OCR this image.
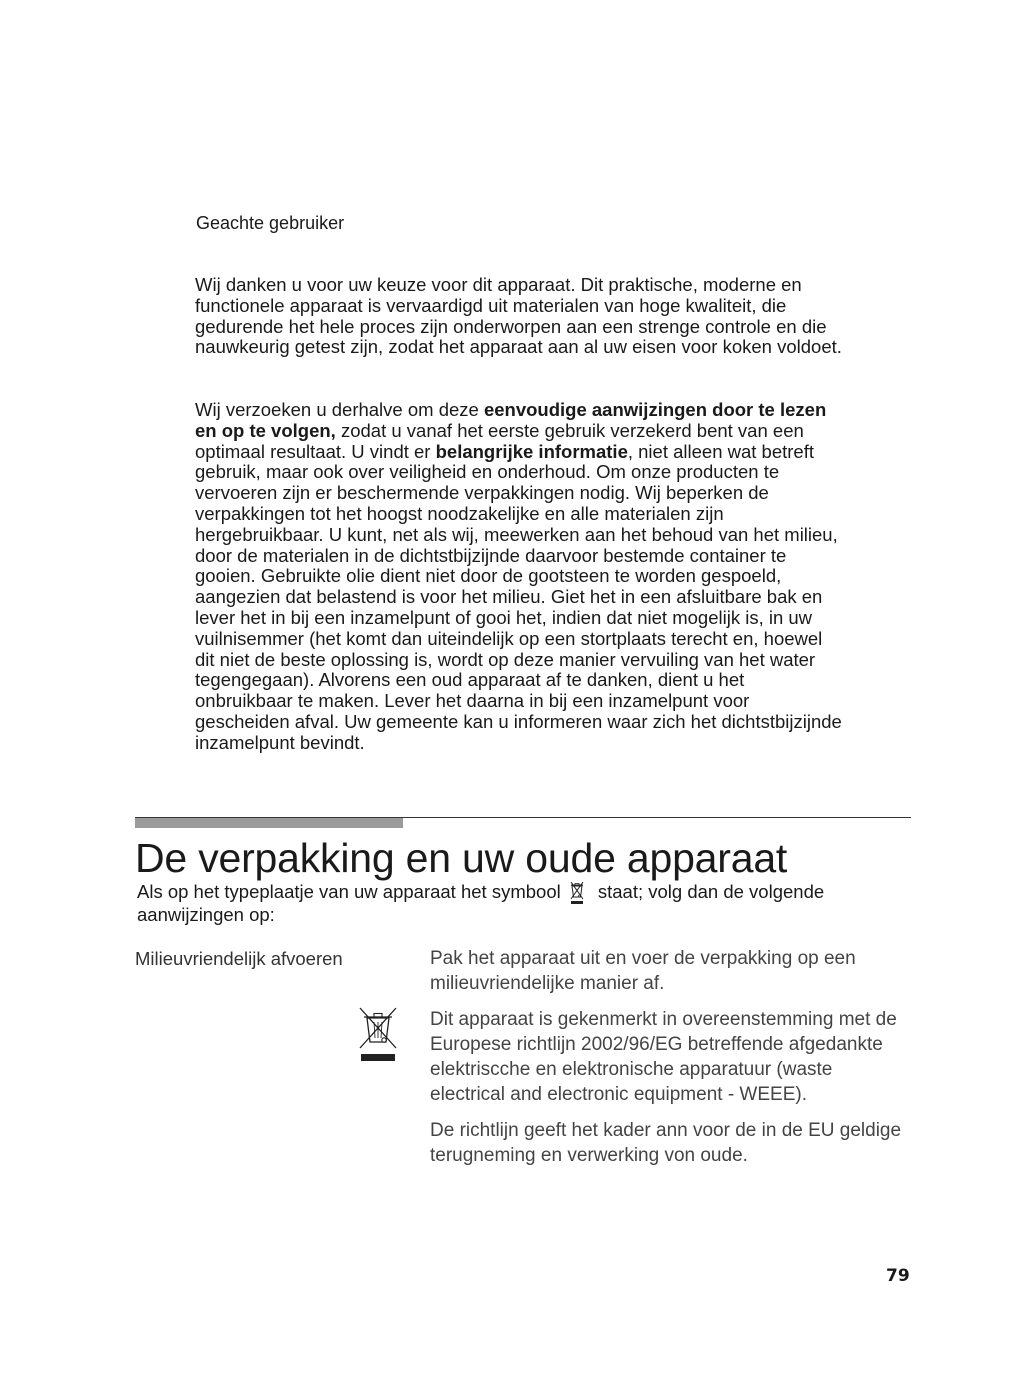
Geachte gebruiker

Wij danken u voor uw keuze voor dit apparaat. Dit praktische, moderne en functionele apparaat is vervaardigd uit materialen van hoge kwaliteit, die gedurende het hele proces zijn onderworpen aan een strenge controle en die nauwkeurig getest zijn, zodat het apparaat aan al uw eisen voor koken voldoet.

Wij verzoeken u derhalve om deze eenvoudige aanwijzingen door te lezen en op te volgen, zodat u vanaf het eerste gebruik verzekerd bent van een optimaal resultaat. U vindt er belangrijke informatie, niet alleen wat betreft gebruik, maar ook over veiligheid en onderhoud. Om onze producten te vervoeren zijn er beschermende verpakkingen nodig. Wij beperken de verpakkingen tot het hoogst noodzakelijke en alle materialen zijn hergebruikbaar. U kunt, net als wij, meewerken aan het behoud van het milieu, door de materialen in de dichtstbijzijnde daarvoor bestemde container te gooien. Gebruikte olie dient niet door de gootsteen te worden gespoeld, aangezien dat belastend is voor het milieu. Giet het in een afsluitbare bak en lever het in bij een inzamelpunt of gooi het, indien dat niet mogelijk is, in uw vuilnisemmer (het komt dan uiteindelijk op een stortplaats terecht en, hoewel dit niet de beste oplossing is, wordt op deze manier vervuiling van het water tegengegaan). Alvorens een oud apparaat af te danken, dient u het onbruikbaar te maken. Lever het daarna in bij een inzamelpunt voor gescheiden afval. Uw gemeente kan u informeren waar zich het dichtstbijzijnde inzamelpunt bevindt.

De verpakking en uw oude apparaat

Als op het typeplaatje van uw apparaat het symbool staat; volg dan de volgende aanwijzingen op:

Milieuvriendelijk afvoeren	Pak het apparaat uit en voer de verpakking op een milieuvriendelijke manier af.

Dit apparaat is gekenmerkt in overeenstemming met de Europese richtlijn 2002/96/EG betreffende afgedankte elektrisсche en elektronische apparatuur (waste electrical and electronic equipment - WEEE).

De richtlijn geeft het kader ann voor de in de EU geldige terugneming en verwerking von oude.

79
